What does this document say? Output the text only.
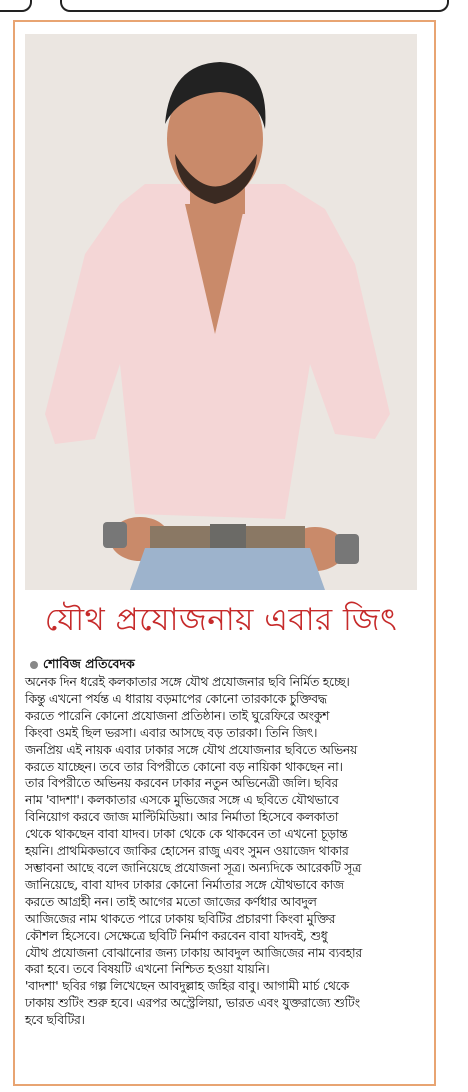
যৌথ প্রযোজনায় এবার জিৎ
শোবিজ প্রতিবেদক

অনেক দিন ধরেই কলকাতার সঙ্গে যৌথ প্রযোজনার ছবি নির্মিত হচ্ছে।

কিন্তু এখনো পর্যন্ত এ ধারায় বড়মাপের কোনো তারকাকে চুক্তিবদ্ধ

করতে পারেনি কোনো প্রযোজনা প্রতিষ্ঠান। তাই ঘুরেফিরে অংকুশ

কিংবা ওমই ছিল ভরসা। এবার আসছে বড় তারকা। তিনি জিৎ।

জনপ্রিয় এই নায়ক এবার ঢাকার সঙ্গে যৌথ প্রযোজনার ছবিতে অভিনয়

করতে যাচ্ছেন। তবে তার বিপরীতে কোনো বড় নায়িকা থাকছেন না।

তার বিপরীতে অভিনয় করবেন ঢাকার নতুন অভিনেত্রী জলি। ছবির

নাম 'বাদশা'। কলকাতার এসকে মুভিজের সঙ্গে এ ছবিতে যৌথভাবে

বিনিয়োগ করবে জাজ মাল্টিমিডিয়া। আর নির্মাতা হিসেবে কলকাতা

থেকে থাকছেন বাবা যাদব। ঢাকা থেকে কে থাকবেন তা এখনো চূড়ান্ত

হয়নি। প্রাথমিকভাবে জাকির হোসেন রাজু এবং সুমন ওয়াজেদ থাকার

সম্ভাবনা আছে বলে জানিয়েছে প্রযোজনা সূত্র। অন্যদিকে আরেকটি সূত্র

জানিয়েছে, বাবা যাদব ঢাকার কোনো নির্মাতার সঙ্গে যৌথভাবে কাজ

করতে আগ্রহী নন। তাই আগের মতো জাজের কর্ণধার আবদুল

আজিজের নাম থাকতে পারে ঢাকায় ছবিটির প্রচারণা কিংবা মুক্তির

কৌশল হিসেবে। সেক্ষেত্রে ছবিটি নির্মাণ করবেন বাবা যাদবই, শুধু

যৌথ প্রযোজনা বোঝানোর জন্য ঢাকায় আবদুল আজিজের নাম ব্যবহার

করা হবে। তবে বিষয়টি এখনো নিশ্চিত হওয়া যায়নি।

'বাদশা' ছবির গল্প লিখেছেন আবদুল্লাহ জহির বাবু। আগামী মার্চ থেকে

ঢাকায় শুটিং শুরু হবে। এরপর অস্ট্রেলিয়া, ভারত এবং যুক্তরাজ্যে শুটিং

হবে ছবিটির।
